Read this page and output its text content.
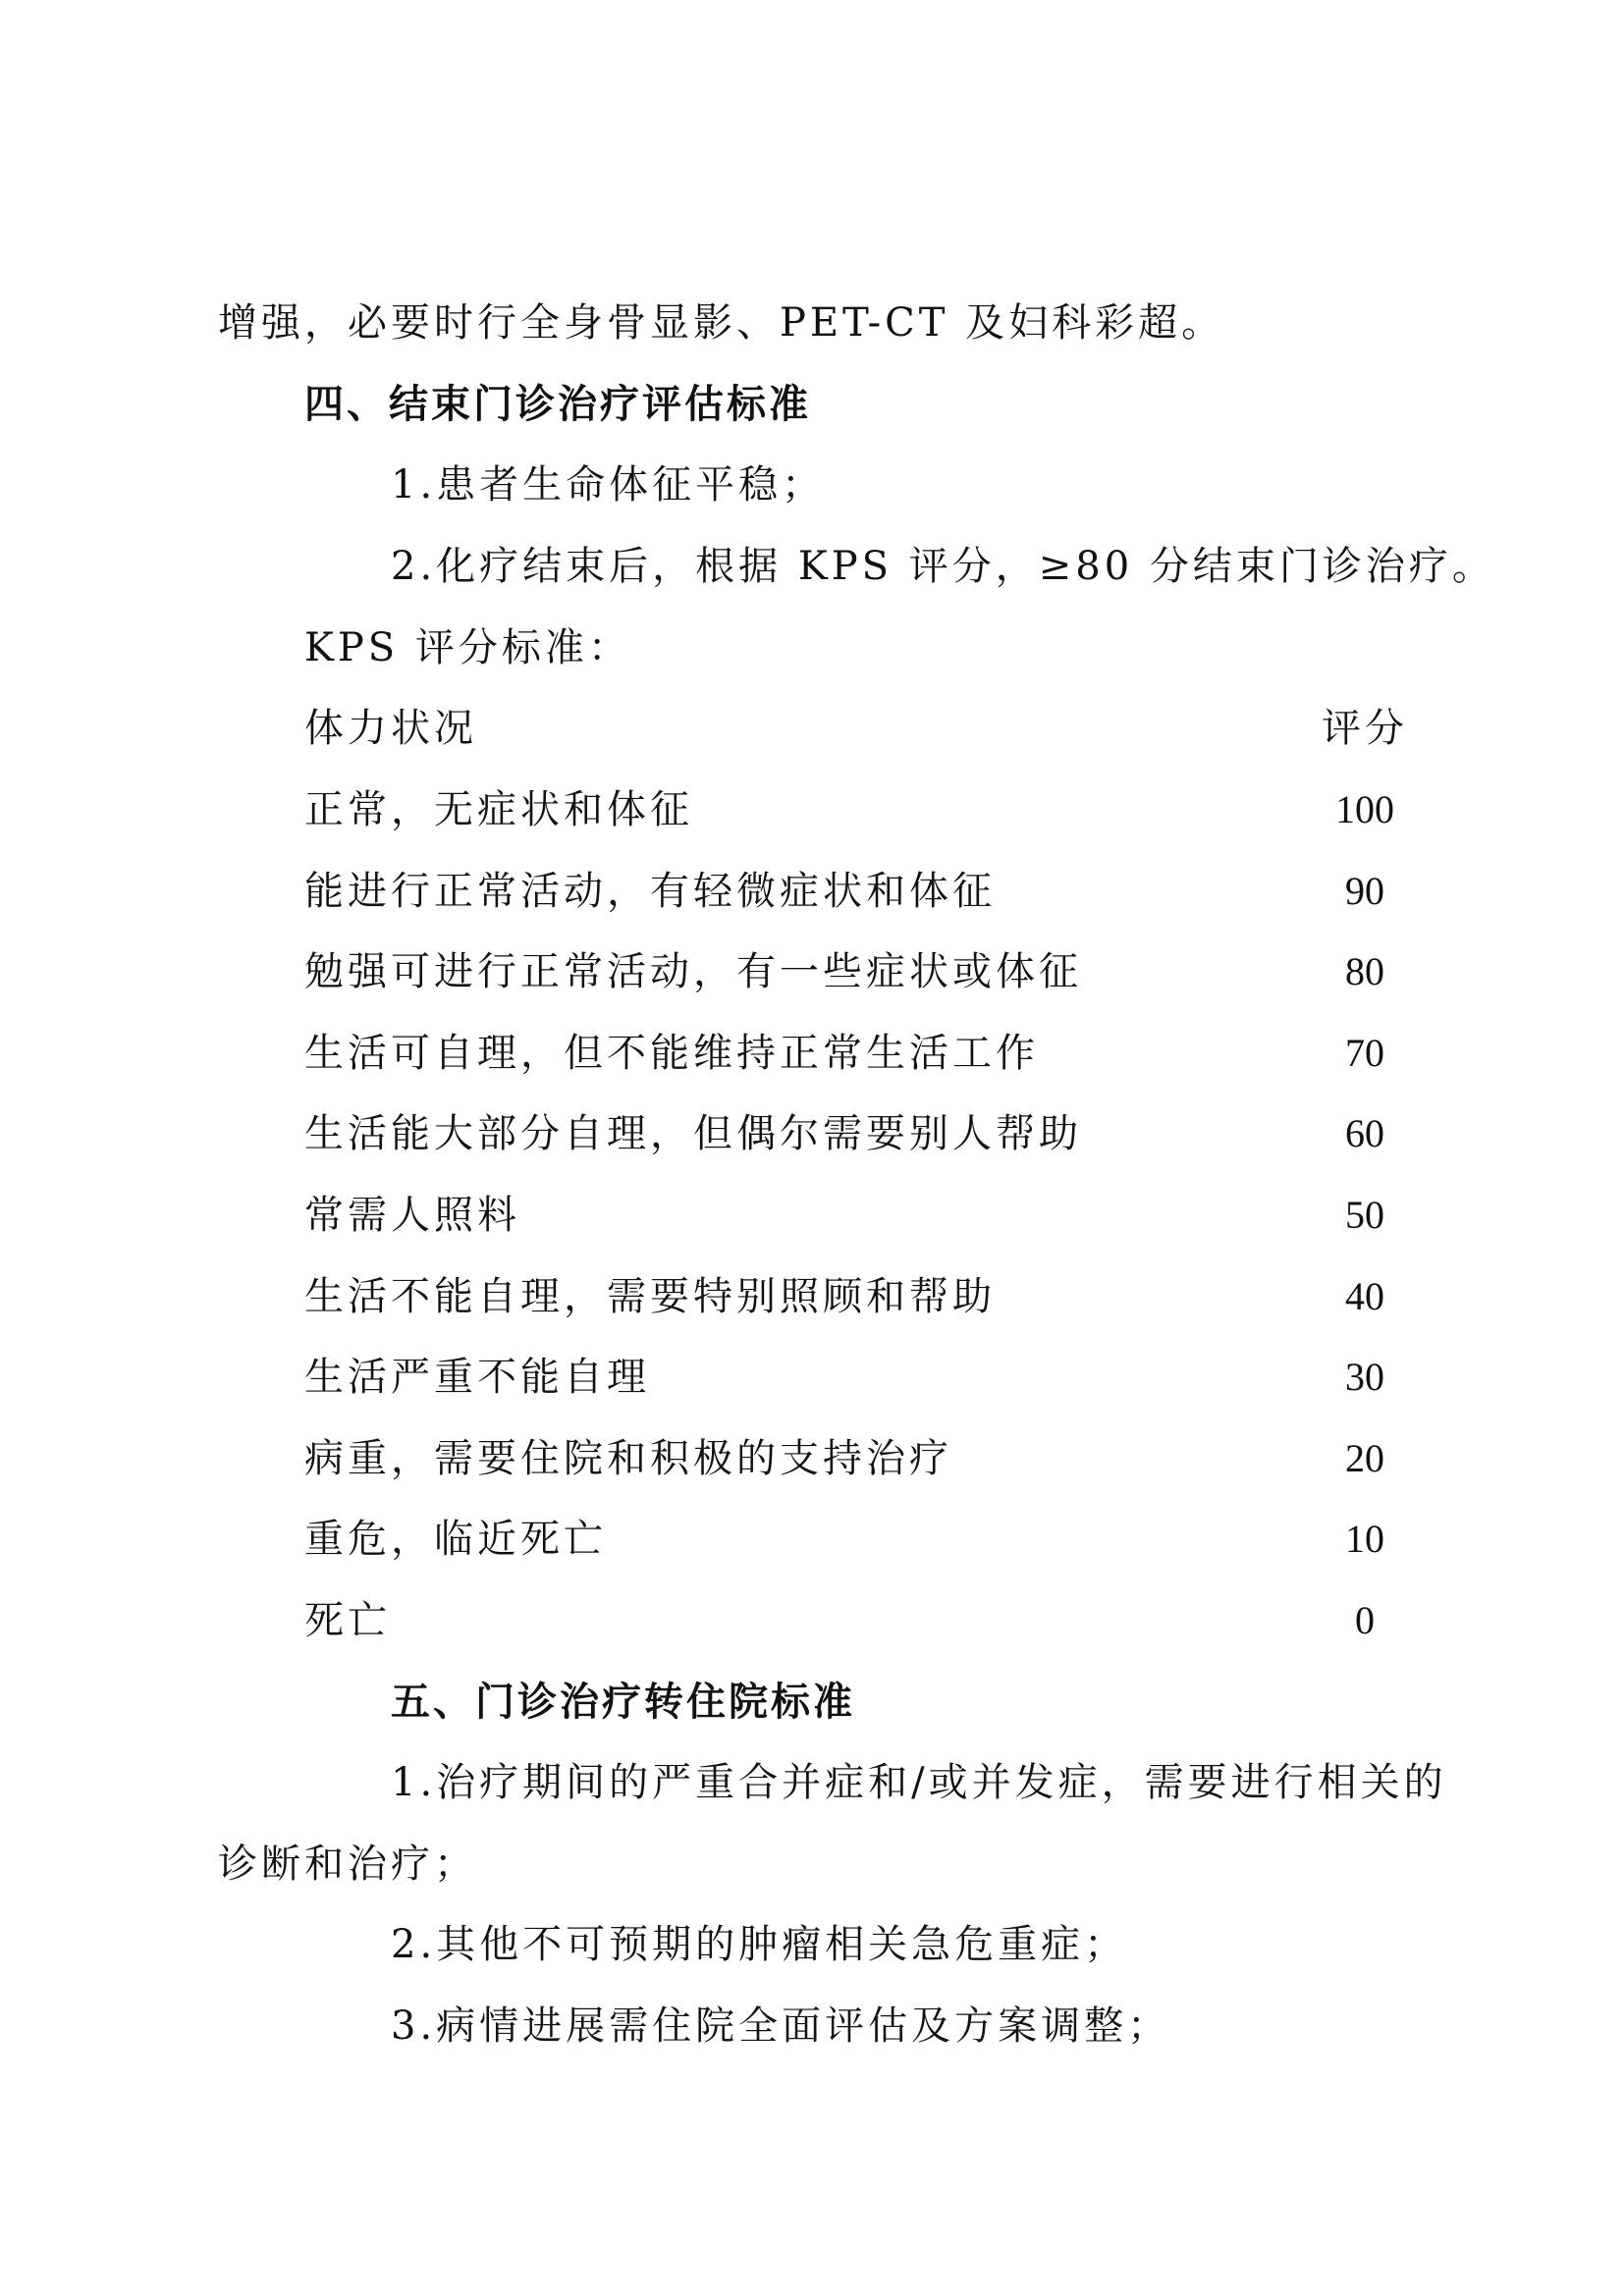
增强，必要时行全身骨显影、PET-CT 及妇科彩超。
四、结束门诊治疗评估标准
1.患者生命体征平稳；
2.化疗结束后，根据 KPS 评分，≥80 分结束门诊治疗。
KPS 评分标准：
体力状况	评分
正常，无症状和体征	100
能进行正常活动，有轻微症状和体征	90
勉强可进行正常活动，有一些症状或体征	80
生活可自理，但不能维持正常生活工作	70
生活能大部分自理，但偶尔需要别人帮助	60
常需人照料	50
生活不能自理，需要特别照顾和帮助	40
生活严重不能自理	30
病重，需要住院和积极的支持治疗	20
重危，临近死亡	10
死亡	0
五、门诊治疗转住院标准
1.治疗期间的严重合并症和/或并发症，需要进行相关的
诊断和治疗；
2.其他不可预期的肿瘤相关急危重症；
3.病情进展需住院全面评估及方案调整；
